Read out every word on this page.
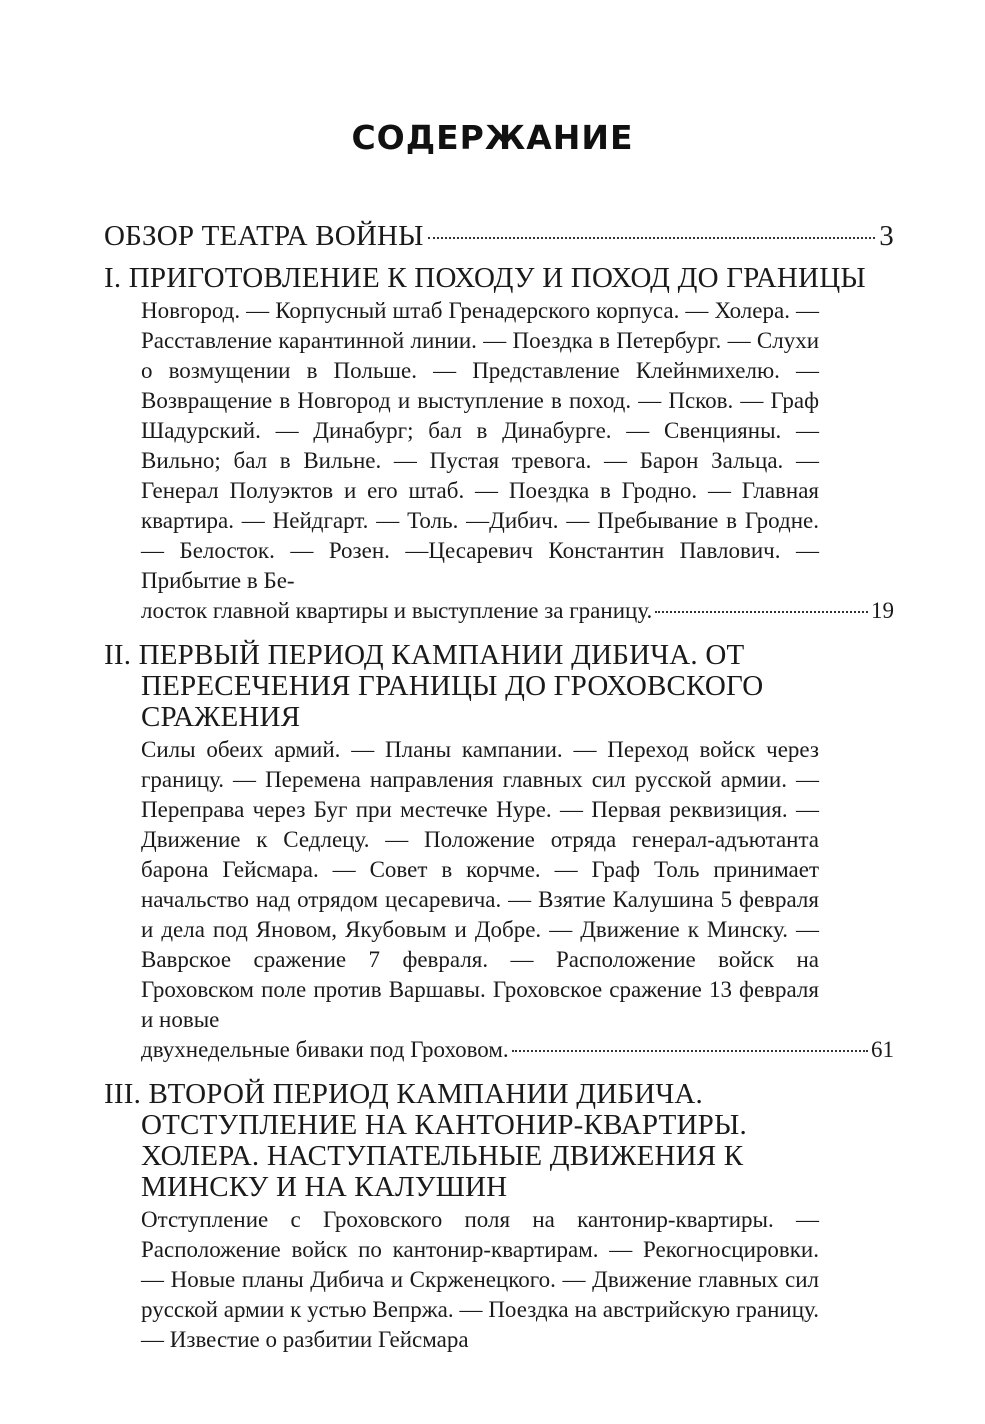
СОДЕРЖАНИЕ
ОБЗОР ТЕАТРА ВОЙНЫ	3
I. ПРИГОТОВЛЕНИЕ К ПОХОДУ И ПОХОД ДО ГРАНИЦЫ
Новгород. — Корпусный штаб Гренадерского корпуса. — Холера. — Расставление карантинной линии. — Поездка в Петербург. — Слухи о возмущении в Польше. — Представление Клейнмихелю. — Возвращение в Новгород и выступление в поход. — Псков. — Граф Шадурский. — Динабург; бал в Динабурге. — Свенцияны. —Вильно; бал в Вильне. — Пустая тревога. — Барон Зальца. — Генерал Полуэктов и его штаб. — Поездка в Гродно. — Главная квартира. — Нейдгарт. — Толь. —Дибич. — Пребывание в Гродне. — Белосток. — Розен. —Цесаревич Константин Павлович. — Прибытие в Бе-
лосток главной квартиры и выступление за границу.	19
II. ПЕРВЫЙ ПЕРИОД КАМПАНИИ ДИБИЧА. ОТ ПЕРЕСЕЧЕНИЯ ГРАНИЦЫ ДО ГРОХОВСКОГО СРАЖЕНИЯ
Силы обеих армий. — Планы кампании. — Переход войск через границу. — Перемена направления главных сил русской армии. — Переправа через Буг при местечке Нуре. — Первая реквизиция. — Движение к Седлецу. — Положение отряда генерал-адъютанта барона Гейсмара. — Совет в корчме. — Граф Толь принимает начальство над отрядом цесаревича. — Взятие Калушина 5 февраля и дела под Яновом, Якубовым и Добре. — Движение к Минску. — Ваврское сражение 7 февраля. — Расположение войск на Гроховском поле против Варшавы. Гроховское сражение 13 февраля и новые
двухнедельные биваки под Гроховом.	61
III. ВТОРОЙ ПЕРИОД КАМПАНИИ ДИБИЧА. ОТСТУПЛЕНИЕ НА КАНТОНИР-КВАРТИРЫ. ХОЛЕРА. НАСТУПАТЕЛЬНЫЕ ДВИЖЕНИЯ К МИНСКУ И НА КАЛУШИН
Отступление с Гроховского поля на кантонир-квартиры. — Расположение войск по кантонир-квартирам. — Рекогносцировки. — Новые планы Дибича и Скрженецкого. — Движение главных сил русской армии к устью Вепржа. — Поездка на австрийскую границу. — Известие о разбитии Гейсмара
